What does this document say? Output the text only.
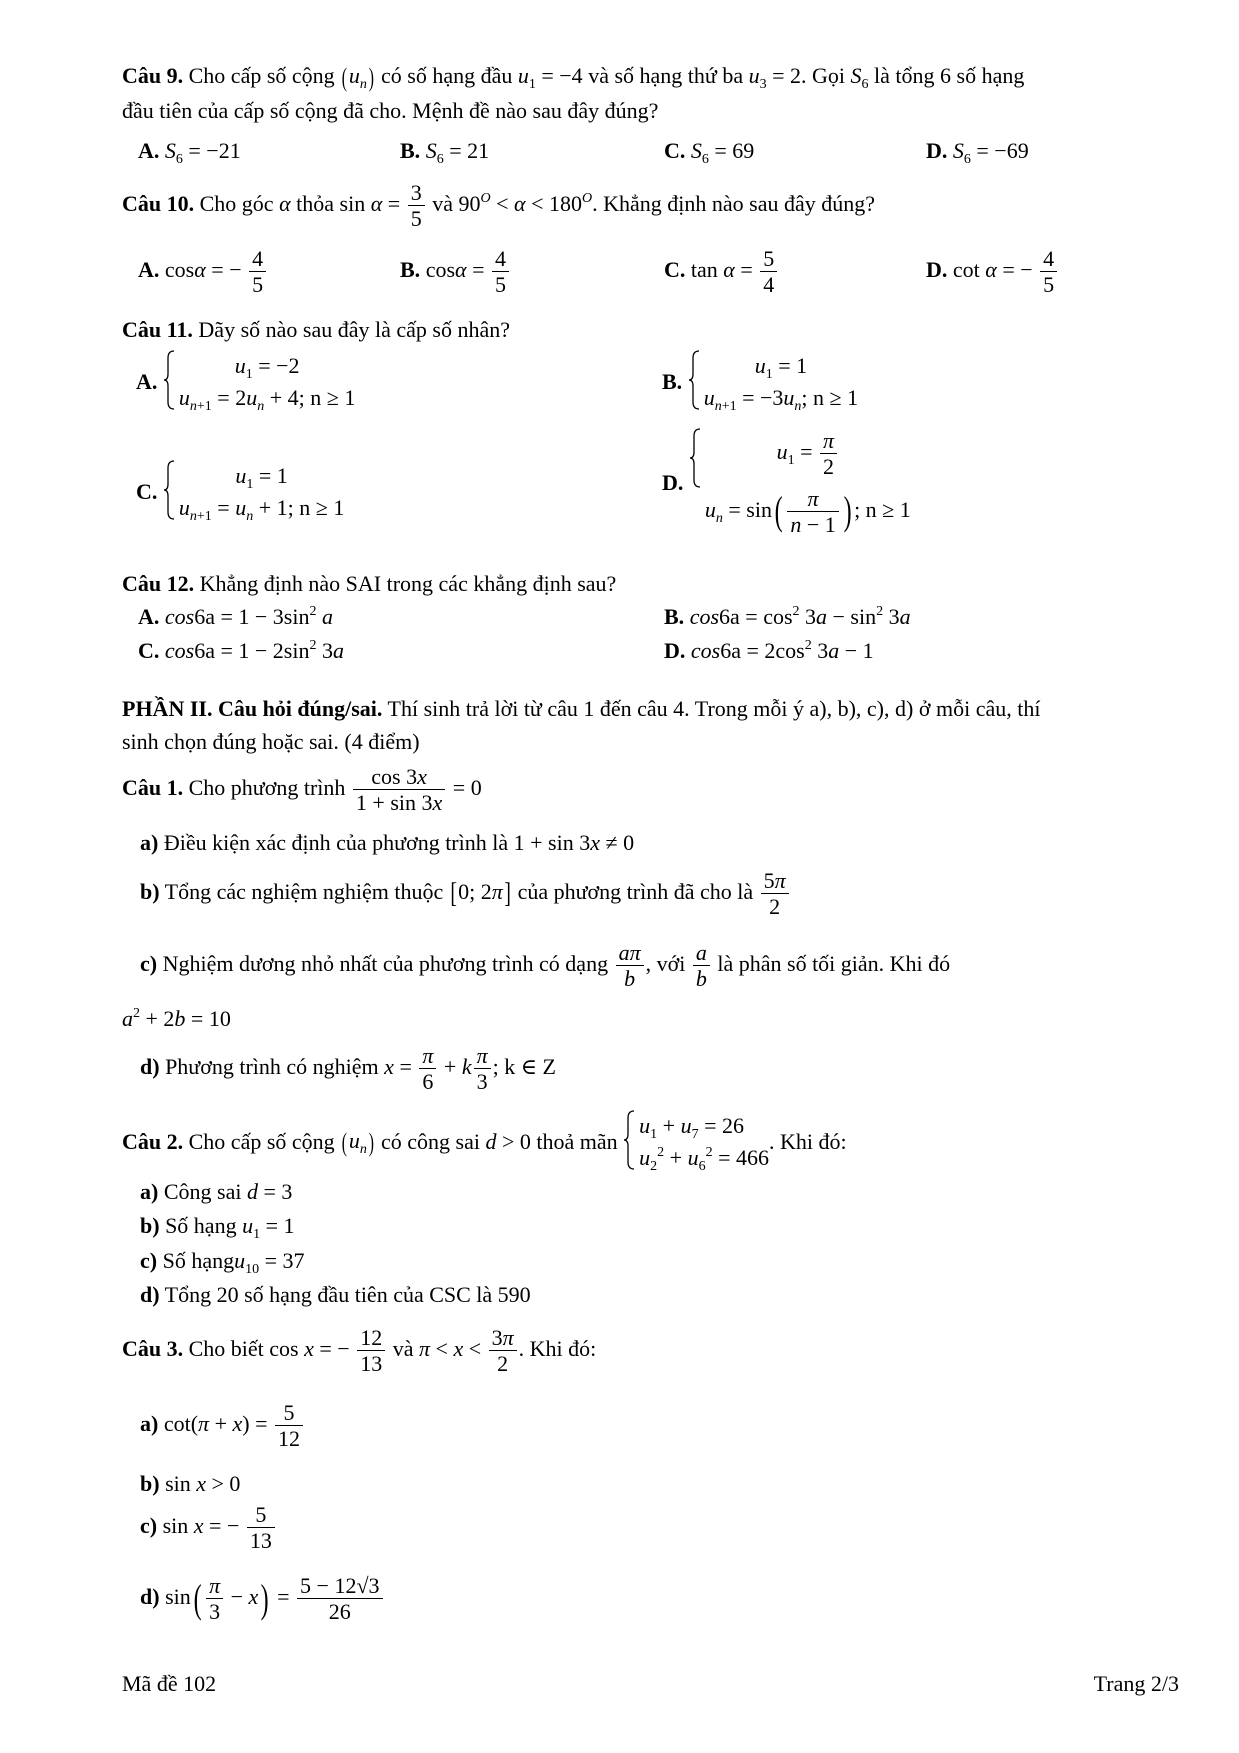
Câu 9. Cho cấp số cộng $(u_n)$ có số hạng đầu $u_1 = -4$ và số hạng thứ ba $u_3 = 2$. Gọi $S_6$ là tổng 6 số hạng
đầu tiên của cấp số cộng đã cho. Mệnh đề nào sau đây đúng?
A. $S_6 = -21$	B. $S_6 = 21$	C. $S_6 = 69$	D. $S_6 = -69$
Câu 10. Cho góc α thỏa $\sin \alpha = \frac{3}{5}$ và $90^O < \alpha < 180^O$. Khẳng định nào sau đây đúng?
A. cosα = − $\frac{4}{5}$	B. $\cos\alpha = \frac{4}{5}$	C. $\tan \alpha = \frac{5}{4}$	D. cot α = − $\frac{4}{5}$
Câu 11. Dãy số nào sau đây là cấp số nhân?
A.
$u_1 = -2$
$u_{n+1} = 2u_n + 4$; n ≥ 1
B.
$u_1 = 1$
$u_{n+1} = -3u_n$; n ≥ 1
C.
$u_1 = 1$
$u_{n+1} = u_n + 1$; n ≥ 1
D.
$u_1 = \frac{\pi}{2}$
$u_n = \sin( \frac{\pi}{n - 1}$ ) ; n ≥ 1
Câu 12. Khẳng định nào SAI trong các khẳng định sau?
A. $\cos 6a = 1 - 3\sin^2$ a	B. $\cos 6a = \cos^2 3a - \sin^2 3a$
C. $\cos 6a = 1 - 2\sin^2$ 3a	D. $\cos 6a = 2\cos^2$ 3a − 1
PHẦN II. Câu hỏi đúng/sai. Thí sinh trả lời từ câu 1 đến câu 4. Trong mỗi ý a), b), c), d) ở mỗi câu, thí
sinh chọn đúng hoặc sai. (4 điểm)
Câu 1. Cho phương trình $\frac{\cos 3x}{1 + \sin 3x} = 0$
a) Điều kiện xác định của phương trình là 1 + sin 3x ≠ 0
b) Tổng các nghiệm nghiệm thuộc [0; 2π] của phương trình đã cho là $\frac{5\pi}{2}$
c) Nghiệm dương nhỏ nhất của phương trình có dạng $\frac{a\pi}{b}$ , với $\frac{a}{b}$ là phân số tối giản. Khi đó
$a^2 + 2b = 10$
d) Phương trình có nghiệm $x = \frac{\pi}{6} + k \frac{\pi}{3}$ ; k ∈ Z
Câu 2. Cho cấp số cộng $(u_n)$ có công sai d > 0 thoả mãn
$u_1 + u_7 = 26$
$u_2^2 + u_6^2 = 466$
. Khi đó:
a) Công sai d = 3
b) Số hạng $u_1 = 1$
c) Số hạngu$_{10}$ = 37
d) Tổng 20 số hạng đầu tiên của CSC là 590
Câu 3. Cho biết cos x = − $\frac{12}{13}$ và $\pi < x < \frac{3\pi}{2}$ . Khi đó:
a) $\cot(\pi + x) = \frac{5}{12}$
b) sin x > 0
c) sin x = − $\frac{5}{13}$
d) $\sin( \frac{\pi}{3} - x) = \frac{5 - 12√3}{26}$
Mã đề 102	Trang 2/3
